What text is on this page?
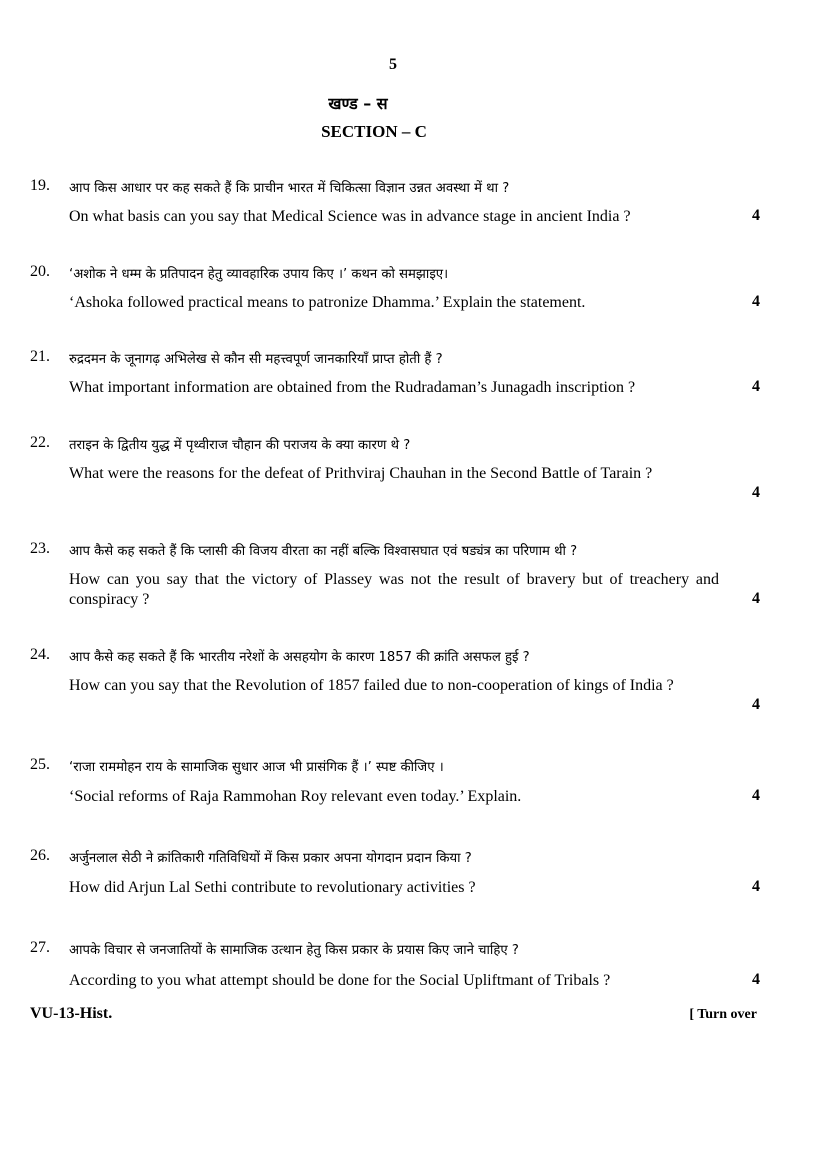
5
खण्ड – स
SECTION – C
19. आप किस आधार पर कह सकते हैं कि प्राचीन भारत में चिकित्सा विज्ञान उन्नत अवस्था में था ?
On what basis can you say that Medical Science was in advance stage in ancient India ?	4
20. ‘अशोक ने धम्म के प्रतिपादन हेतु व्यावहारिक उपाय किए ।’ कथन को समझाइए।
‘Ashoka followed practical means to patronize Dhamma.’ Explain the statement.	4
21. रुद्रदमन के जूनागढ़ अभिलेख से कौन सी महत्त्वपूर्ण जानकारियाँ प्राप्त होती हैं ?
What important information are obtained from the Rudradaman’s Junagadh inscription ?	4
22. तराइन के द्वितीय युद्ध में पृथ्वीराज चौहान की पराजय के क्या कारण थे ?
What were the reasons for the defeat of Prithviraj Chauhan in the Second Battle of Tarain ?
4
23. आप कैसे कह सकते हैं कि प्लासी की विजय वीरता का नहीं बल्कि विश्वासघात एवं षड्यंत्र का परिणाम थी ?
How can you say that the victory of Plassey was not the result of bravery but of treachery and conspiracy ?	4
24. आप कैसे कह सकते हैं कि भारतीय नरेशों के असहयोग के कारण 1857 की क्रांति असफल हुई ?
How can you say that the Revolution of 1857 failed due to non-cooperation of kings of India ?
4
25. ‘राजा राममोहन राय के सामाजिक सुधार आज भी प्रासंगिक हैं ।’ स्पष्ट कीजिए ।
‘Social reforms of Raja Rammohan Roy relevant even today.’ Explain.	4
26. अर्जुनलाल सेठी ने क्रांतिकारी गतिविधियों में किस प्रकार अपना योगदान प्रदान किया ?
How did Arjun Lal Sethi contribute to revolutionary activities ?	4
27. आपके विचार से जनजातियों के सामाजिक उत्थान हेतु किस प्रकार के प्रयास किए जाने चाहिए ?
According to you what attempt should be done for the Social Upliftmant of Tribals ?	4
VU-13-Hist.	[ Turn over
